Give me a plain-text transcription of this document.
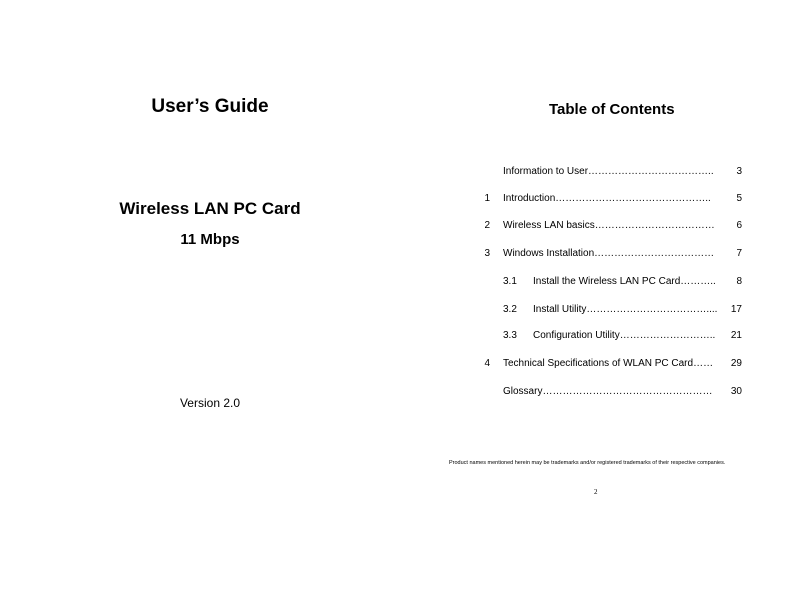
User’s Guide
Wireless LAN PC Card
11 Mbps
Version 2.0
Table of Contents
Information to User……………………………….. 3
1 Introduction………………………………………..	5
2 Wireless LAN basics……………………………… 6
3 Windows Installation……………………………… 7
3.1 Install the Wireless LAN PC Card……….. 8
3.2 Install Utility……………………………….... 17
3.3 Configuration Utility……………………….. 21
4 Technical Specifications of WLAN PC Card…… 29
Glossary…………………………………………… 30
Product names mentioned herein may be trademarks and/or registered trademarks of their respective companies.
2
